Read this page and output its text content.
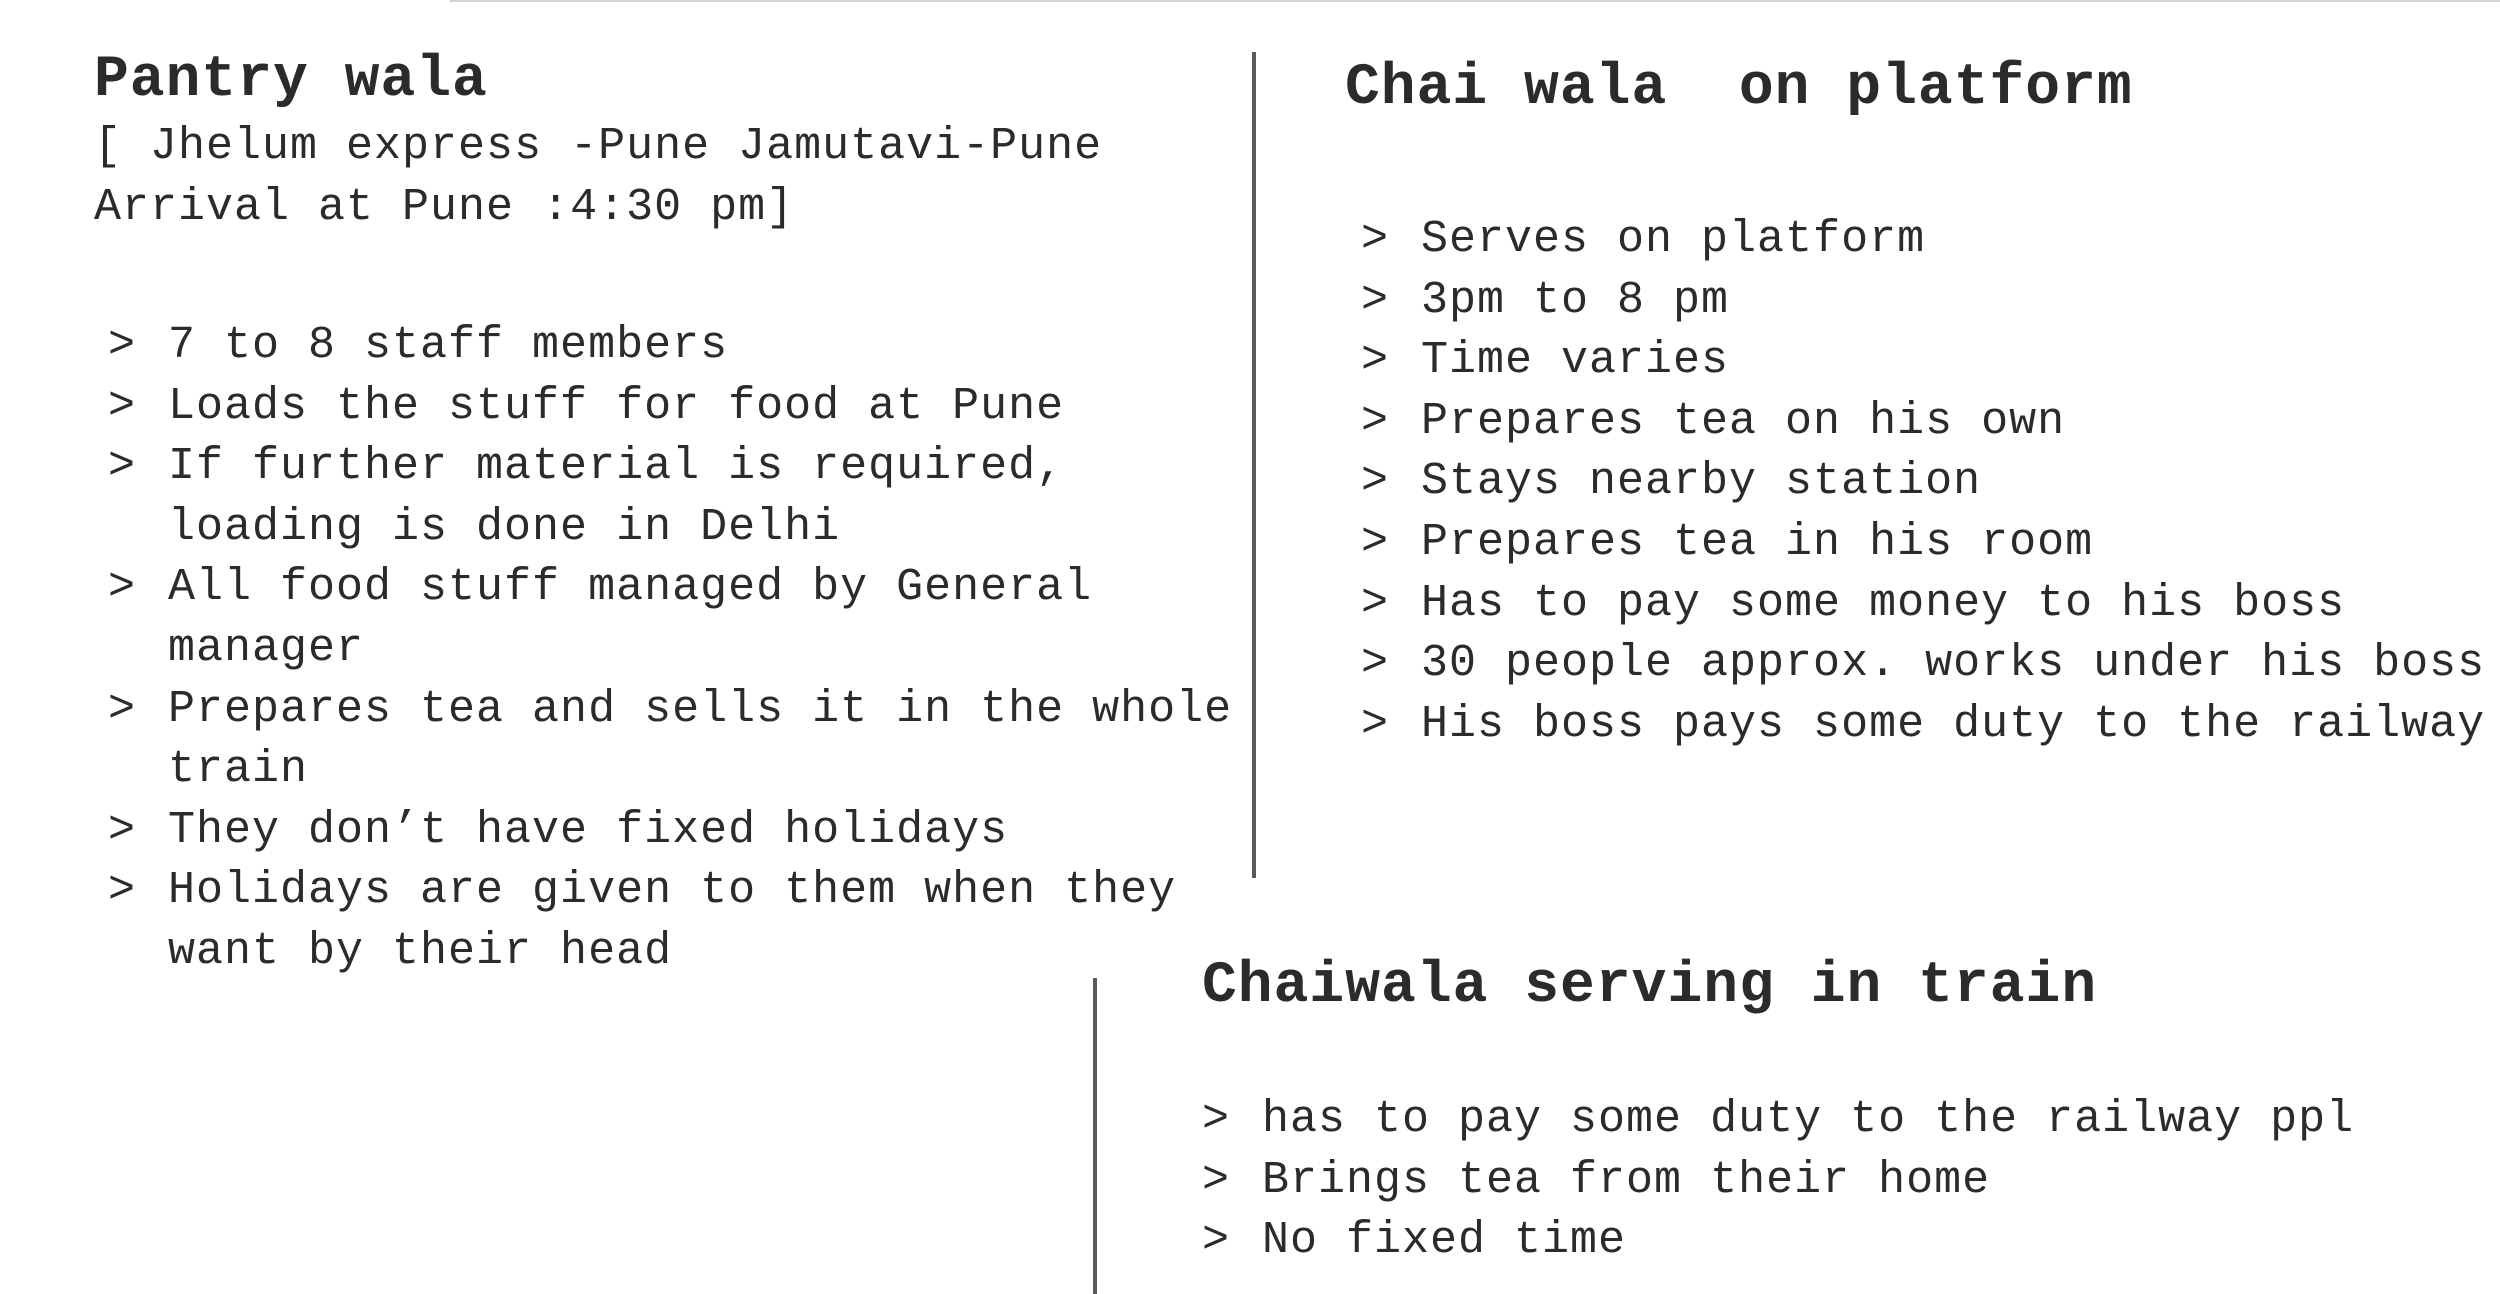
Pantry wala
[ Jhelum express -Pune Jamutavi-Pune
Arrival at Pune :4:30 pm]
> 7 to 8 staff members
> Loads the stuff for food at Pune
> If further material is required, loading is done in Delhi
> All food stuff managed by General manager
> Prepares tea and sells it in the whole train
> They don’t have fixed holidays
> Holidays are given to them when they want by their head
Chai wala  on platform
> Serves on platform
> 3pm to 8 pm
> Time varies
> Prepares tea on his own
> Stays nearby station
> Prepares tea in his room
> Has to pay some money to his boss
> 30 people approx. works under his boss
> His boss pays some duty to the railway
Chaiwala serving in train
> has to pay some duty to the railway ppl
> Brings tea from their home
> No fixed time
